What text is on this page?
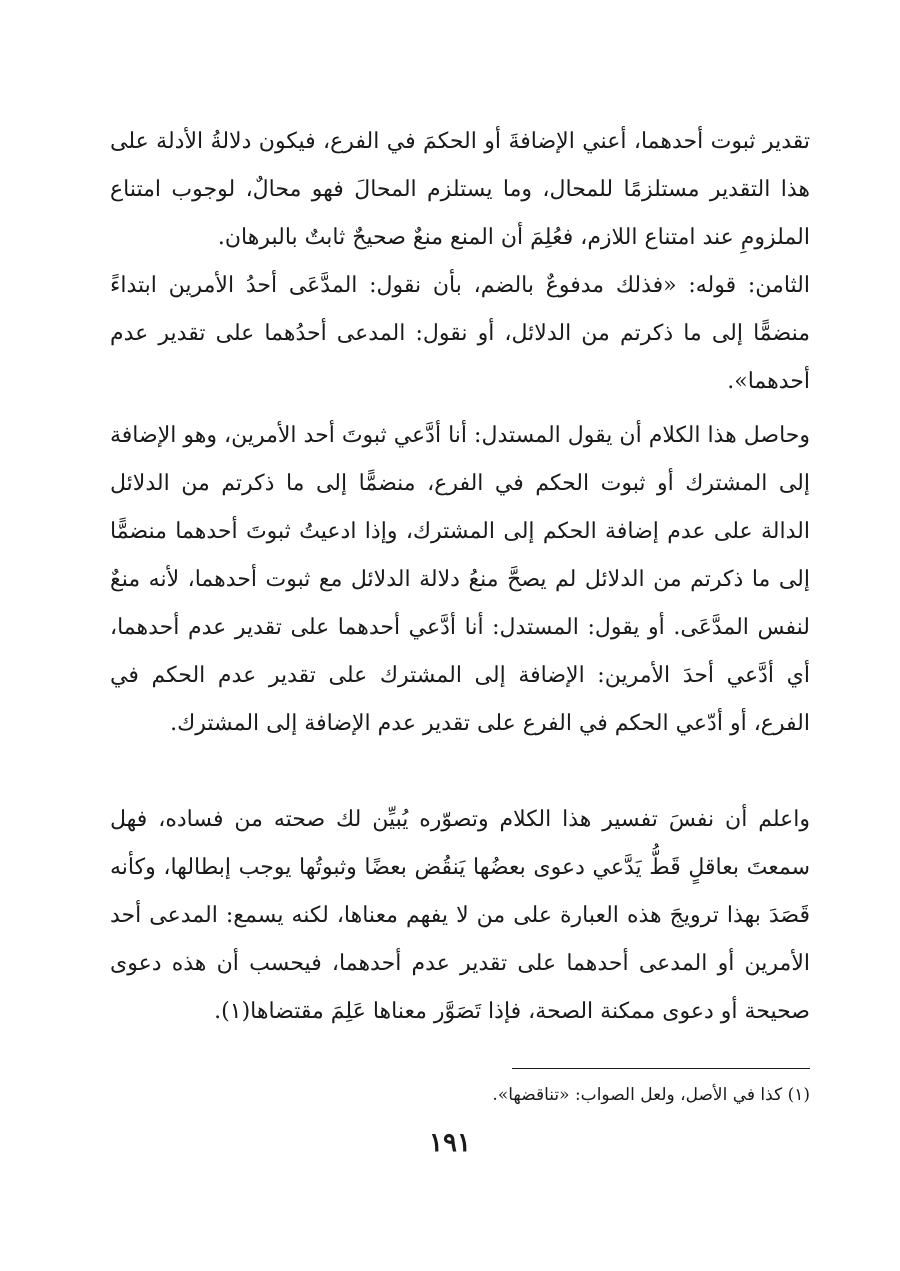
تقدير ثبوت أحدهما، أعني الإضافةَ أو الحكمَ في الفرع، فيكون دلالةُ الأدلة على هذا التقدير مستلزمًا للمحال، وما يستلزم المحالَ فهو محالٌ، لوجوب امتناع الملزومِ عند امتناع اللازم، فعُلِمَ أن المنع منعٌ صحيحٌ ثابتٌ بالبرهان.

الثامن: قوله: «فذلك مدفوعٌ بالضم، بأن نقول: المدَّعَى أحدُ الأمرين ابتداءً منضمًّا إلى ما ذكرتم من الدلائل، أو نقول: المدعى أحدُهما على تقدير عدم أحدهما».

وحاصل هذا الكلام أن يقول المستدل: أنا أدَّعي ثبوتَ أحد الأمرين، وهو الإضافة إلى المشترك أو ثبوت الحكم في الفرع، منضمًّا إلى ما ذكرتم من الدلائل الدالة على عدم إضافة الحكم إلى المشترك، وإذا ادعيتُ ثبوتَ أحدهما منضمًّا إلى ما ذكرتم من الدلائل لم يصحَّ منعُ دلالة الدلائل مع ثبوت أحدهما، لأنه منعٌ لنفس المدَّعَى. أو يقول: المستدل: أنا أدَّعي أحدهما على تقدير عدم أحدهما، أي أدَّعي أحدَ الأمرين: الإضافة إلى المشترك على تقدير عدم الحكم في الفرع، أو أدّعي الحكم في الفرع على تقدير عدم الإضافة إلى المشترك.

واعلم أن نفسَ تفسير هذا الكلام وتصوّره يُبيِّن لك صحته من فساده، فهل سمعتَ بعاقلٍ قَطُّ يَدَّعي دعوى بعضُها يَنقُض بعضًا وثبوتُها يوجب إبطالها، وكأنه قَصَدَ بهذا ترويجَ هذه العبارة على من لا يفهم معناها، لكنه يسمع: المدعى أحد الأمرين أو المدعى أحدهما على تقدير عدم أحدهما، فيحسب أن هذه دعوى صحيحة أو دعوى ممكنة الصحة، فإذا تَصَوَّر معناها عَلِمَ مقتضاها(١).

(١) كذا في الأصل، ولعل الصواب: «تناقضها».

١٩١
